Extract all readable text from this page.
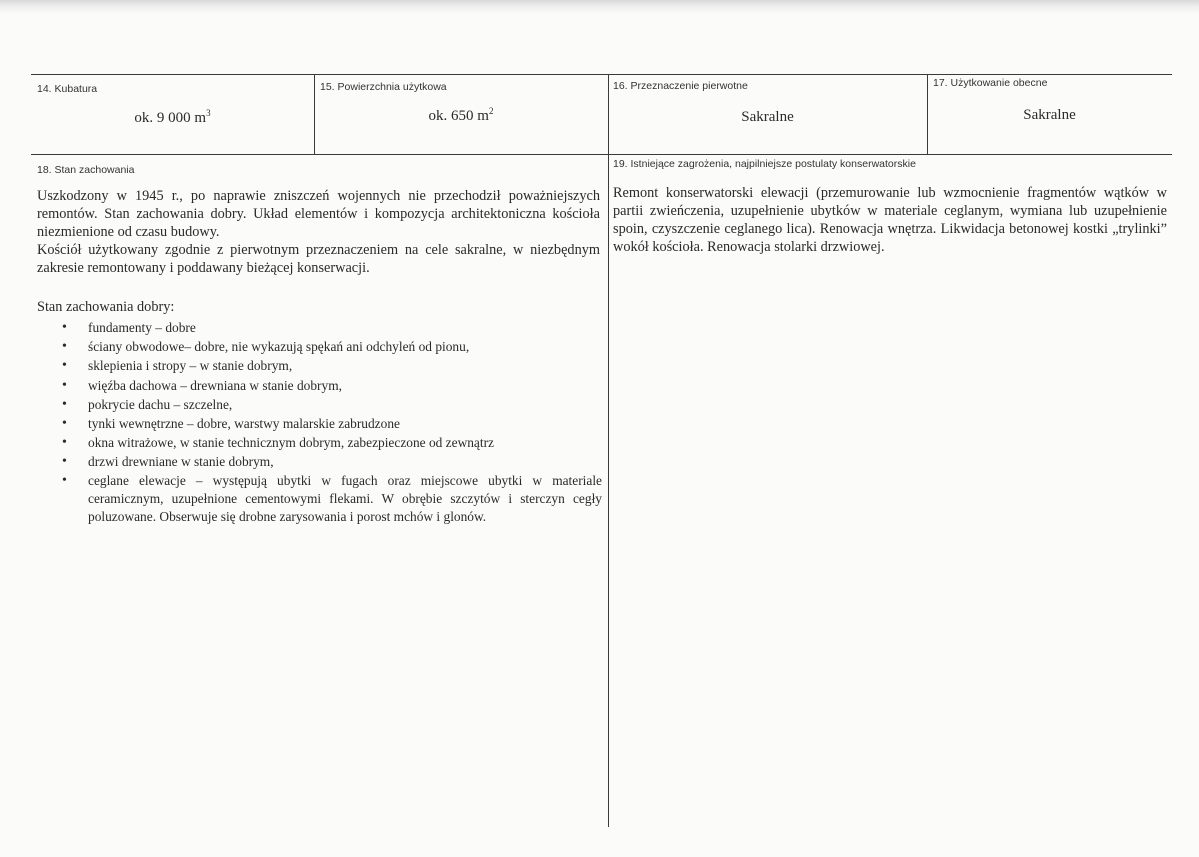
14. Kubatura
ok. 9 000 $m^3$
15. Powierzchnia użytkowa
ok. 650 $m^2$
16. Przeznaczenie pierwotne
Sakralne
17. Użytkowanie obecne
Sakralne
18. Stan zachowania

Uszkodzony w 1945 r., po naprawie zniszczeń wojennych nie przechodził poważniejszych remontów. Stan zachowania dobry. Układ elementów i kompozycja architektoniczna kościoła niezmienione od czasu budowy.

Kościół użytkowany zgodnie z pierwotnym przeznaczeniem na cele sakralne, w niezbędnym zakresie remontowany i poddawany bieżącej konserwacji.

Stan zachowania dobry:
• fundamenty – dobre
• ściany obwodowe– dobre, nie wykazują spękań ani odchyleń od pionu,
• sklepienia i stropy – w stanie dobrym,
• więźba dachowa – drewniana w stanie dobrym,
• pokrycie dachu – szczelne,
• tynki wewnętrzne – dobre, warstwy malarskie zabrudzone
• okna witrażowe, w stanie technicznym dobrym, zabezpieczone od zewnątrz
• drzwi drewniane w stanie dobrym,
• ceglane elewacje – występują ubytki w fugach oraz miejscowe ubytki w materiale ceramicznym, uzupełnione cementowymi flekami. W obrębie szczytów i sterczyn cegły poluzowane. Obserwuje się drobne zarysowania i porost mchów i glonów.
19. Istniejące zagrożenia, najpilniejsze postulaty konserwatorskie

Remont konserwatorski elewacji (przemurowanie lub wzmocnienie fragmentów wątków w partii zwieńczenia, uzupełnienie ubytków w materiale ceglanym, wymiana lub uzupełnienie spoin, czyszczenie ceglanego lica). Renowacja wnętrza. Likwidacja betonowej kostki „trylinki” wokół kościoła. Renowacja stolarki drzwiowej.
